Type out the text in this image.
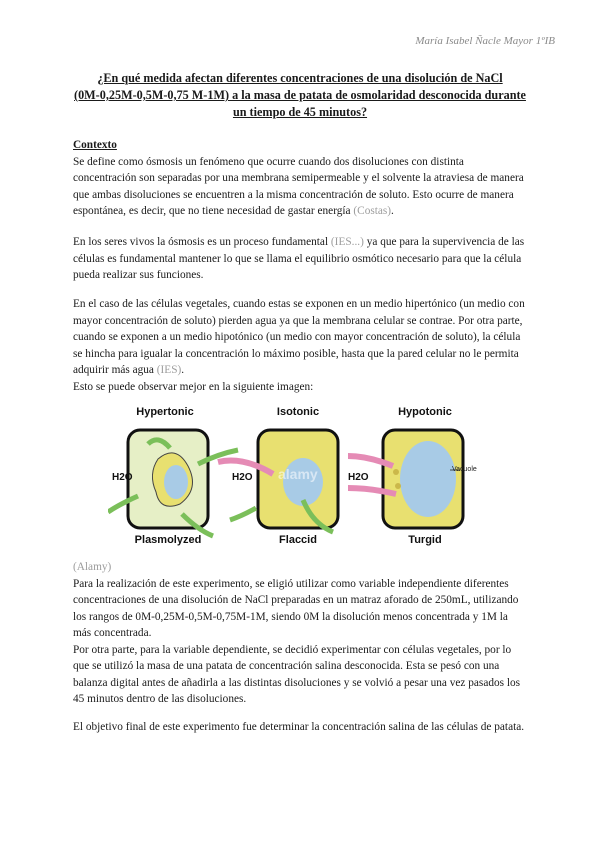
María Isabel Ñacle Mayor 1ºIB
¿En qué medida afectan diferentes concentraciones de una disolución de NaCl
(0M-0,25M-0,5M-0,75 M-1M) a la masa de patata de osmolaridad desconocida durante
un tiempo de 45 minutos?
Contexto
Se define como ósmosis un fenómeno que ocurre cuando dos disoluciones con distinta concentración son separadas por una membrana semipermeable y el solvente la atraviesa de manera que ambas disoluciones se encuentren a la misma concentración de soluto. Esto ocurre de manera espontánea, es decir, que no tiene necesidad de gastar energía (Costas).
En los seres vivos la ósmosis es un proceso fundamental (IES...) ya que para la supervivencia de las células es fundamental mantener lo que se llama el equilibrio osmótico necesario para que la célula pueda realizar sus funciones.
En el caso de las células vegetales, cuando estas se exponen en un medio hipertónico (un medio con mayor concentración de soluto) pierden agua ya que la membrana celular se contrae. Por otra parte, cuando se exponen a un medio hipotónico (un medio con mayor concentración de soluto), la célula se hincha para igualar la concentración lo máximo posible, hasta que la pared celular no le permita adquirir más agua (IES).
Esto se puede observar mejor en la siguiente imagen:
Hypertonic	Isotonic	Hypotonic
H2O	H2O	H2O
Vacuole
alamy
Plasmolyzed	Flaccid	Turgid
(Alamy)
Para la realización de este experimento, se eligió utilizar como variable independiente diferentes concentraciones de una disolución de NaCl preparadas en un matraz aforado de 250mL, utilizando los rangos de 0M-0,25M-0,5M-0,75M-1M, siendo 0M la disolución menos concentrada y 1M la más concentrada.
Por otra parte, para la variable dependiente, se decidió experimentar con células vegetales, por lo que se utilizó la masa de una patata de concentración salina desconocida. Esta se pesó con una balanza digital antes de añadirla a las distintas disoluciones y se volvió a pesar una vez pasados los 45 minutos dentro de las disoluciones.
El objetivo final de este experimento fue determinar la concentración salina de las células de patata.
